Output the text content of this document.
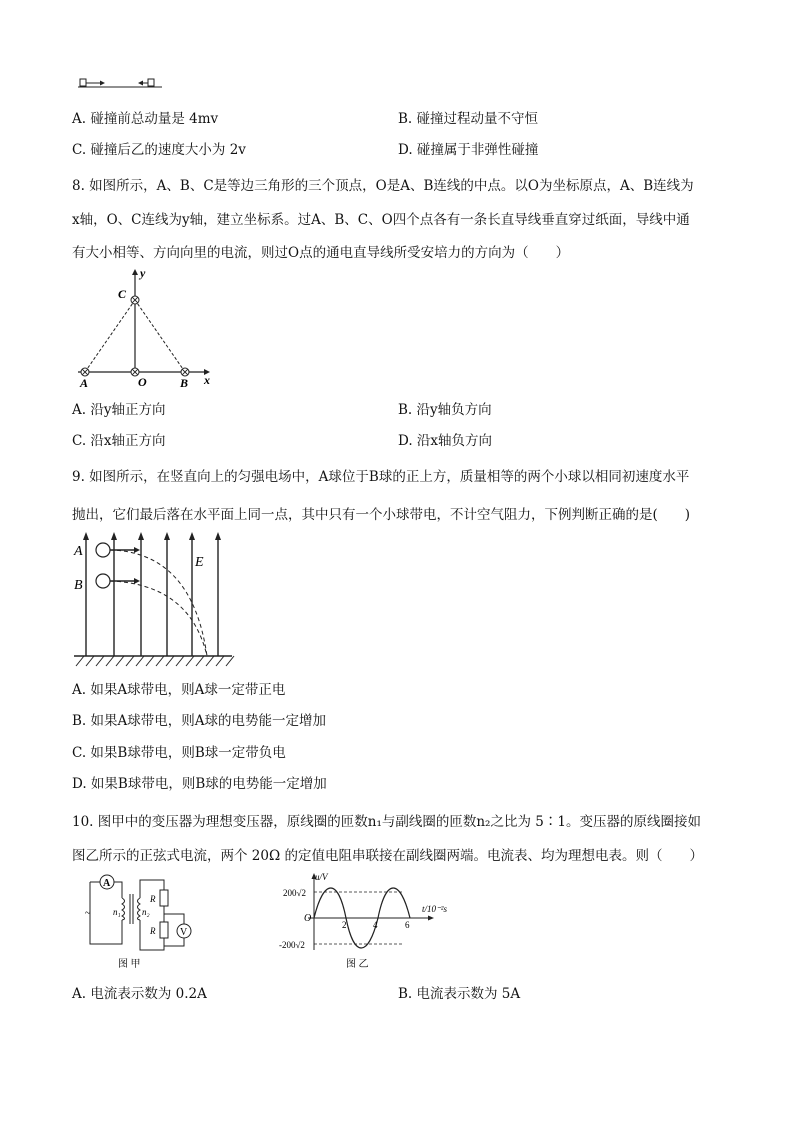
A. 碰撞前总动量是 4mv	B. 碰撞过程动量不守恒
C. 碰撞后乙的速度大小为 2v	D. 碰撞属于非弹性碰撞
8. 如图所示，A、B、C是等边三角形的三个顶点，O是A、B连线的中点。以O为坐标原点，A、B连线为
x轴，O、C连线为y轴，建立坐标系。过A、B、C、O四个点各有一条长直导线垂直穿过纸面，导线中通
有大小相等、方向向里的电流，则过O点的通电直导线所受安培力的方向为（　　）
y
C
A	O	B x
A. 沿y轴正方向	B. 沿y轴负方向
C. 沿x轴正方向	D. 沿x轴负方向
9. 如图所示，在竖直向上的匀强电场中，A球位于B球的正上方，质量相等的两个小球以相同初速度水平
抛出，它们最后落在水平面上同一点，其中只有一个小球带电，不计空气阻力，下例判断正确的是(　　)
A
B
E
A. 如果A球带电，则A球一定带正电
B. 如果A球带电，则A球的电势能一定增加
C. 如果B球带电，则B球一定带负电
D. 如果B球带电，则B球的电势能一定增加
10. 图甲中的变压器为理想变压器，原线圈的匝数n₁与副线圈的匝数n₂之比为 5∶1。变压器的原线圈接如
图乙所示的正弦式电流，两个 20Ω 的定值电阻串联接在副线圈两端。电流表、均为理想电表。则（　　）
A
~	n₁ n₂
R
R V
图 甲
u/V
t/10⁻²s
200√2
-200√2
O
2	4	6
图 乙
A. 电流表示数为 0.2A	B. 电流表示数为 5A
